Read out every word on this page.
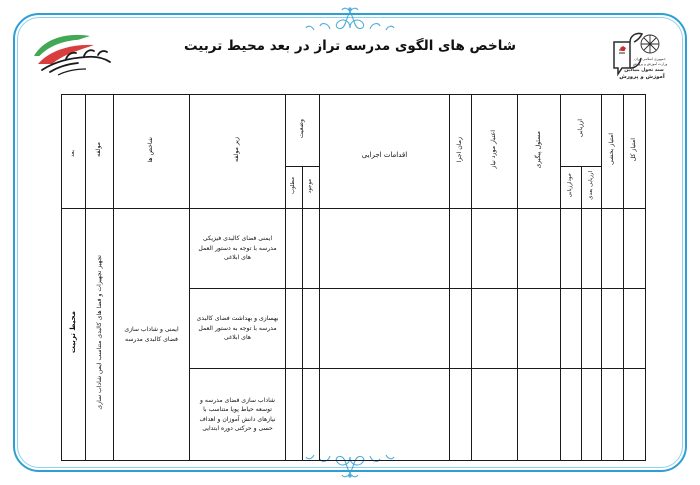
جمهوری اسلامی ایران
وزارت آموزش و پرورش
سند تحول بنیادین
آموزش و پرورش
شاخص های الگوی مدرسه تراز در بعد محیط تربیت
امتیاز کل	امتیاز بخشی	ارزیابی		مسئول پیگیری	اعتبار مورد نیاز	زمان اجرا	اقدامات اجرایی	وضعیت		زیر مولفه	شاخص ها	مولفه	بعد
		ارزیابی بعدی	خودارزیابی					موجود	مطلوب				

										ایمنی فضای کالبدی فیزیکی مدرسه با توجه به دستور العمل های ابلاغی	ایمنی و شاداب سازی فضای کالبدی مدرسه	تجهیز تجهیزات و فضا های کالبدی متناسب ایمن شاداب سازی	محیط تربیت

										بهسازی و بهداشت فضای کالبدی مدرسه با توجه به دستور العمل های ابلاغی			

										شاداب سازی فضای مدرسه و توسعه حیاط پویا متناسب با نیازهای دانش آموزان و اهداف حسی و حرکتی دوره ابتدایی			
